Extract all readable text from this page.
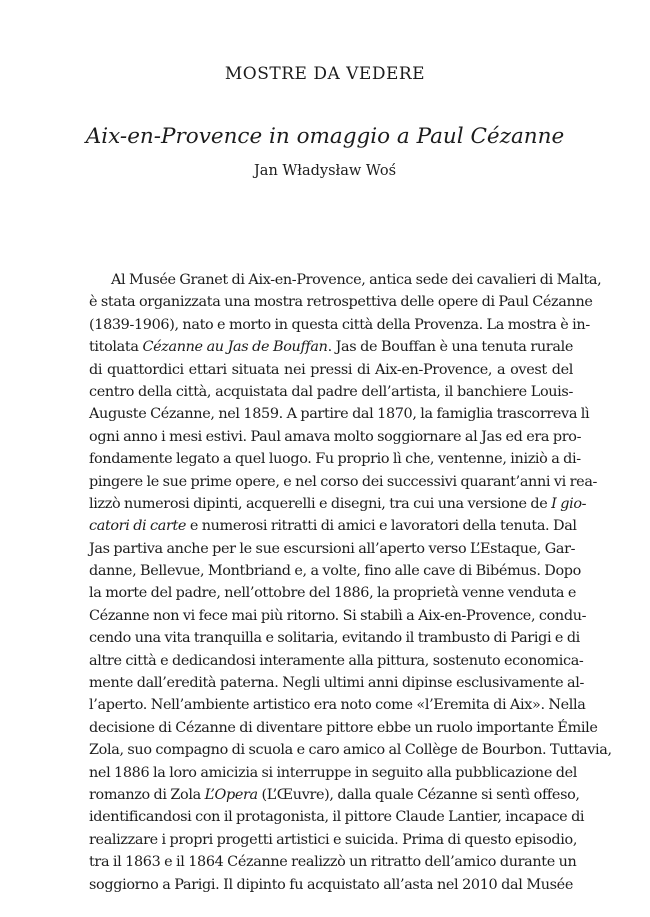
MOSTRE DA VEDERE
Aix-en-Provence in omaggio a Paul Cézanne

Jan Władysław Woś

Al Musée Granet di Aix-en-Provence, antica sede dei cavalieri di Malta,
è stata organizzata una mostra retrospettiva delle opere di Paul Cézanne
(1839-1906), nato e morto in questa città della Provenza. La mostra è in-
titolata Cézanne au Jas de Bouffan. Jas de Bouffan è una tenuta rurale
di quattordici ettari situata nei pressi di Aix-en-Provence, a ovest del
centro della città, acquistata dal padre dell’artista, il banchiere Louis-
Auguste Cézanne, nel 1859. A partire dal 1870, la famiglia trascorreva lì
ogni anno i mesi estivi. Paul amava molto soggiornare al Jas ed era pro-
fondamente legato a quel luogo. Fu proprio lì che, ventenne, iniziò a di-
pingere le sue prime opere, e nel corso dei successivi quarant’anni vi rea-
lizzò numerosi dipinti, acquerelli e disegni, tra cui una versione de I gio-
catori di carte e numerosi ritratti di amici e lavoratori della tenuta. Dal
Jas partiva anche per le sue escursioni all’aperto verso L’Estaque, Gar-
danne, Bellevue, Montbriand e, a volte, fino alle cave di Bibémus. Dopo
la morte del padre, nell’ottobre del 1886, la proprietà venne venduta e
Cézanne non vi fece mai più ritorno. Si stabilì a Aix-en-Provence, condu-
cendo una vita tranquilla e solitaria, evitando il trambusto di Parigi e di
altre città e dedicandosi interamente alla pittura, sostenuto economica-
mente dall’eredità paterna. Negli ultimi anni dipinse esclusivamente al-
l’aperto. Nell’ambiente artistico era noto come «l’Eremita di Aix». Nella
decisione di Cézanne di diventare pittore ebbe un ruolo importante Émile
Zola, suo compagno di scuola e caro amico al Collège de Bourbon. Tuttavia,
nel 1886 la loro amicizia si interruppe in seguito alla pubblicazione del
romanzo di Zola L’Opera (L’Œuvre), dalla quale Cézanne si sentì offeso,
identificandosi con il protagonista, il pittore Claude Lantier, incapace di
realizzare i propri progetti artistici e suicida. Prima di questo episodio,
tra il 1863 e il 1864 Cézanne realizzò un ritratto dell’amico durante un
soggiorno a Parigi. Il dipinto fu acquistato all’asta nel 2010 dal Musée
